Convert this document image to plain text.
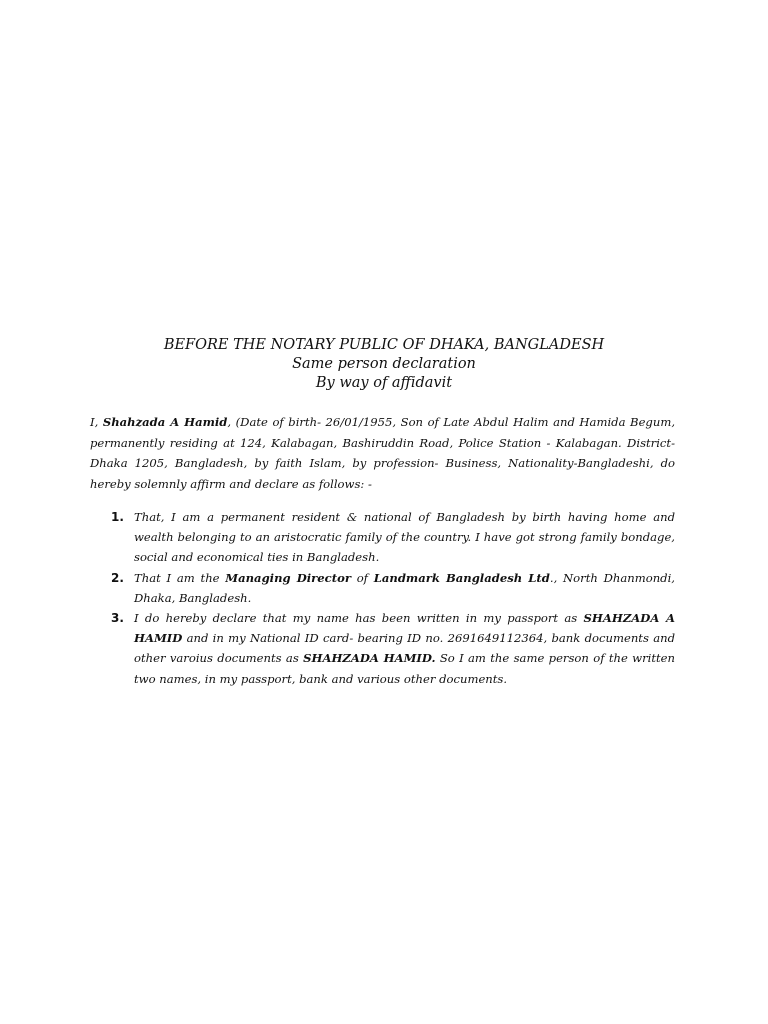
BEFORE THE NOTARY PUBLIC OF DHAKA, BANGLADESH
Same person declaration
By way of affidavit
I, Shahzada A Hamid, (Date of birth- 26/01/1955, Son of Late Abdul Halim and Hamida Begum, permanently residing at 124, Kalabagan, Bashiruddin Road, Police Station - Kalabagan. District-Dhaka 1205, Bangladesh, by faith Islam, by profession- Business, Nationality-Bangladeshi, do hereby solemnly affirm and declare as follows: -
1. That, I am a permanent resident & national of Bangladesh by birth having home and wealth belonging to an aristocratic family of the country. I have got strong family bondage, social and economical ties in Bangladesh.
2. That I am the Managing Director of Landmark Bangladesh Ltd., North Dhanmondi, Dhaka, Bangladesh.
3. I do hereby declare that my name has been written in my passport as SHAHZADA A HAMID and in my National ID card- bearing ID no. 2691649112364, bank documents and other varoius documents as SHAHZADA HAMID. So I am the same person of the written two names, in my passport, bank and various other documents.
